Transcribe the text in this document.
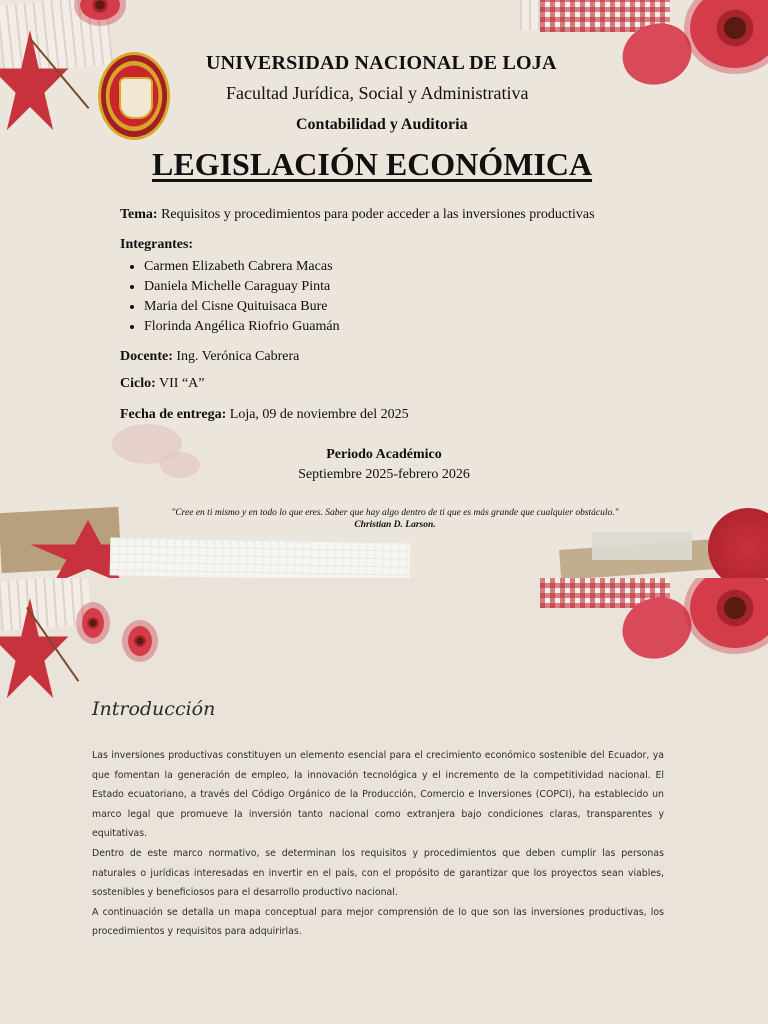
UNIVERSIDAD NACIONAL DE LOJA
Facultad Jurídica, Social y Administrativa
Contabilidad y Auditoria
LEGISLACIÓN ECONÓMICA
Tema: Requisitos y procedimientos para poder acceder a las inversiones productivas
Integrantes:
• Carmen Elizabeth Cabrera Macas
• Daniela Michelle Caraguay Pinta
• Maria del Cisne Quituisaca Bure
• Florinda Angélica Riofrio Guamán
Docente: Ing. Verónica Cabrera
Ciclo: VII “A”
Fecha de entrega: Loja, 09 de noviembre del 2025
Periodo Académico
Septiembre 2025-febrero 2026
"Cree en ti mismo y en todo lo que eres. Saber que hay algo dentro de ti que es más grande que cualquier obstáculo." Christian D. Larson.
Introducción

Las inversiones productivas constituyen un elemento esencial para el crecimiento económico sostenible del Ecuador, ya que fomentan la generación de empleo, la innovación tecnológica y el incremento de la competitividad nacional. El Estado ecuatoriano, a través del Código Orgánico de la Producción, Comercio e Inversiones (COPCI), ha establecido un marco legal que promueve la inversión tanto nacional como extranjera bajo condiciones claras, transparentes y equitativas.

Dentro de este marco normativo, se determinan los requisitos y procedimientos que deben cumplir las personas naturales o jurídicas interesadas en invertir en el país, con el propósito de garantizar que los proyectos sean viables, sostenibles y beneficiosos para el desarrollo productivo nacional.

A continuación se detalla un mapa conceptual para mejor comprensión de lo que son las inversiones productivas, los procedimientos y requisitos para adquirirlas.
